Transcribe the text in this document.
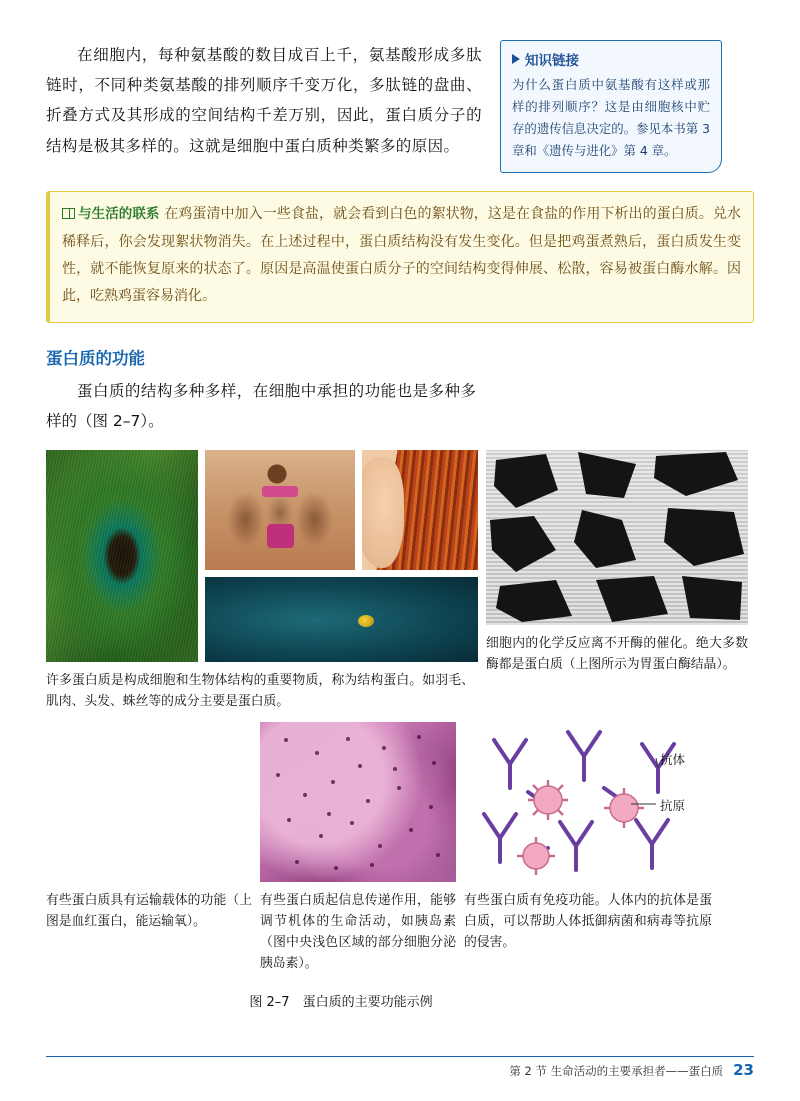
在细胞内，每种氨基酸的数目成百上千，氨基酸形成多肽链时，不同种类氨基酸的排列顺序千变万化，多肽链的盘曲、折叠方式及其形成的空间结构千差万别，因此，蛋白质分子的结构是极其多样的。这就是细胞中蛋白质种类繁多的原因。

知识链接

为什么蛋白质中氨基酸有这样或那样的排列顺序？这是由细胞核中贮存的遗传信息决定的。参见本书第 3 章和《遗传与进化》第 4 章。

与生活的联系 在鸡蛋清中加入一些食盐，就会看到白色的絮状物，这是在食盐的作用下析出的蛋白质。兑水稀释后，你会发现絮状物消失。在上述过程中，蛋白质结构没有发生变化。但是把鸡蛋煮熟后，蛋白质发生变性，就不能恢复原来的状态了。原因是高温使蛋白质分子的空间结构变得伸展、松散，容易被蛋白酶水解。因此，吃熟鸡蛋容易消化。
蛋白质的功能

蛋白质的结构多种多样，在细胞中承担的功能也是多种多样的（图 2–7）。

许多蛋白质是构成细胞和生物体结构的重要物质，称为结构蛋白。如羽毛、肌肉、头发、蛛丝等的成分主要是蛋白质。
细胞内的化学反应离不开酶的催化。绝大多数酶都是蛋白质（上图所示为胃蛋白酶结晶）。
有些蛋白质具有运输载体的功能（上图是血红蛋白，能运输氧）。
有些蛋白质起信息传递作用，能够调节机体的生命活动，如胰岛素（图中央浅色区域的部分细胞分泌胰岛素）。
抗体
抗原
有些蛋白质有免疫功能。人体内的抗体是蛋白质，可以帮助人体抵御病菌和病毒等抗原的侵害。
图 2–7　蛋白质的主要功能示例
第 2 节 生命活动的主要承担者——蛋白质 23
